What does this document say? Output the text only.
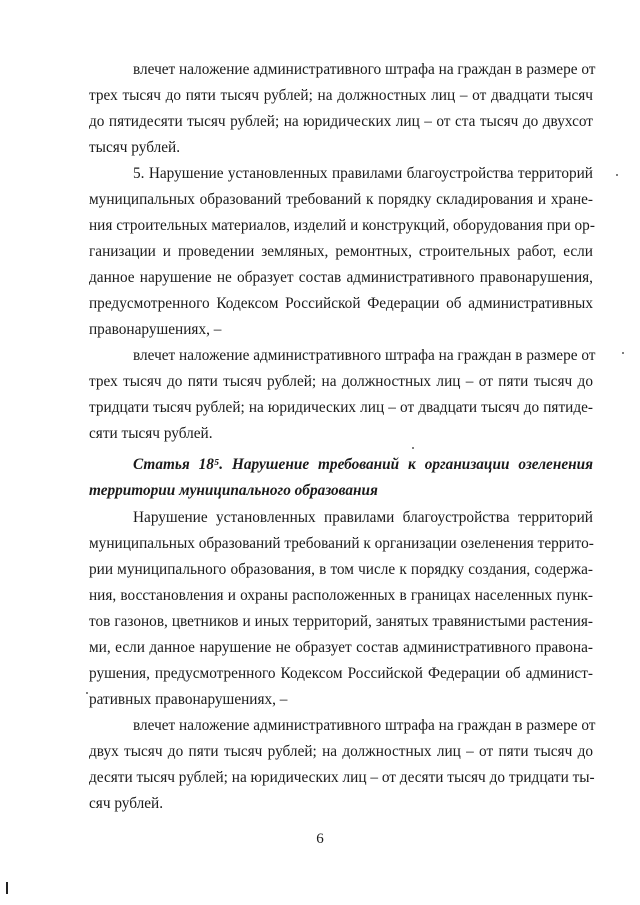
влечет наложение административного штрафа на граждан в размере от
трех тысяч до пяти тысяч рублей; на должностных лиц – от двадцати тысяч
до пятидесяти тысяч рублей; на юридических лиц – от ста тысяч до двухсот
тысяч рублей.
5. Нарушение установленных правилами благоустройства территорий
муниципальных образований требований к порядку складирования и хране-
ния строительных материалов, изделий и конструкций, оборудования при ор-
ганизации и проведении земляных, ремонтных, строительных работ, если
данное нарушение не образует состав административного правонарушения,
предусмотренного Кодексом Российской Федерации об административных
правонарушениях, –
влечет наложение административного штрафа на граждан в размере от
трех тысяч до пяти тысяч рублей; на должностных лиц – от пяти тысяч до
тридцати тысяч рублей; на юридических лиц – от двадцати тысяч до пятиде-
сяти тысяч рублей.
Статья 18⁵. Нарушение требований к организации озеленения
территории муниципального образования
Нарушение установленных правилами благоустройства территорий
муниципальных образований требований к организации озеленения террито-
рии муниципального образования, в том числе к порядку создания, содержа-
ния, восстановления и охраны расположенных в границах населенных пунк-
тов газонов, цветников и иных территорий, занятых травянистыми растения-
ми, если данное нарушение не образует состав административного правона-
рушения, предусмотренного Кодексом Российской Федерации об админист-
ративных правонарушениях, –
влечет наложение административного штрафа на граждан в размере от
двух тысяч до пяти тысяч рублей; на должностных лиц – от пяти тысяч до
десяти тысяч рублей; на юридических лиц – от десяти тысяч до тридцати ты-
сяч рублей.
6
